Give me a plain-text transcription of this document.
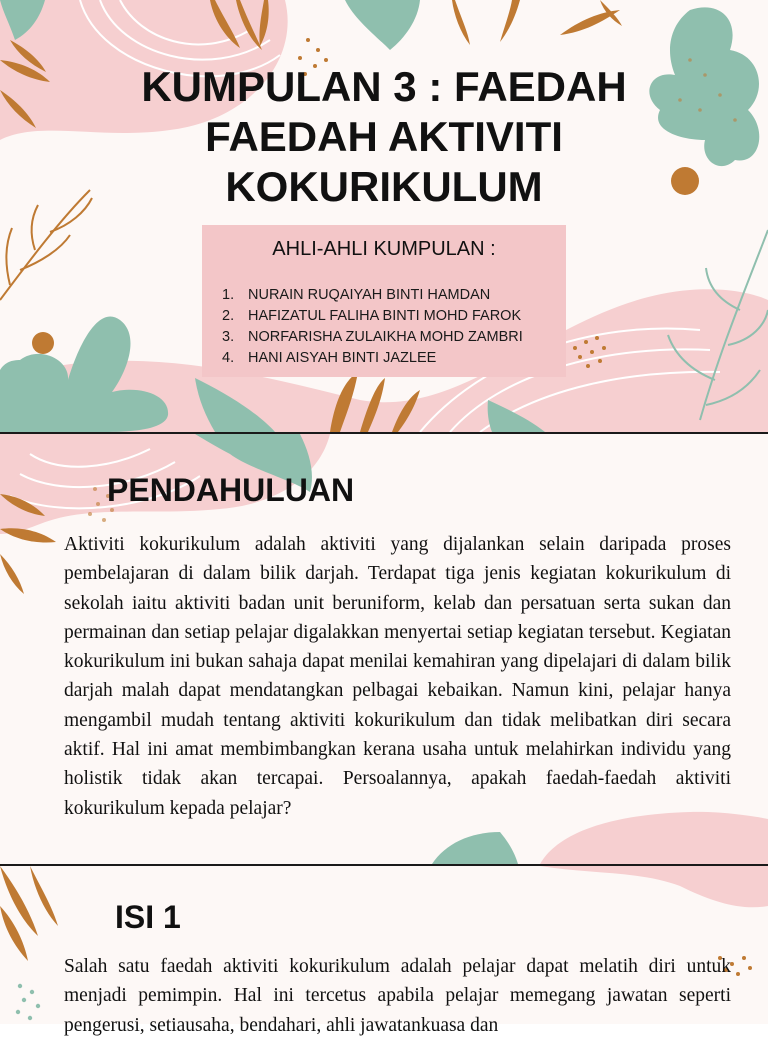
KUMPULAN 3 : FAEDAH
FAEDAH AKTIVITI
KOKURIKULUM
AHLI-AHLI KUMPULAN :
1. NURAIN RUQAIYAH BINTI HAMDAN
2. HAFIZATUL FALIHA BINTI MOHD FAROK
3. NORFARISHA ZULAIKHA MOHD ZAMBRI
4. HANI AISYAH BINTI JAZLEE
PENDAHULUAN

Aktiviti kokurikulum adalah aktiviti yang dijalankan selain daripada proses pembelajaran di dalam bilik darjah. Terdapat tiga jenis kegiatan kokurikulum di sekolah iaitu aktiviti badan unit beruniform, kelab dan persatuan serta sukan dan permainan dan setiap pelajar digalakkan menyertai setiap kegiatan tersebut. Kegiatan kokurikulum ini bukan sahaja dapat menilai kemahiran yang dipelajari di dalam bilik darjah malah dapat mendatangkan pelbagai kebaikan. Namun kini, pelajar hanya mengambil mudah tentang aktiviti kokurikulum dan tidak melibatkan diri secara aktif. Hal ini amat membimbangkan kerana usaha untuk melahirkan individu yang holistik tidak akan tercapai. Persoalannya, apakah faedah-faedah aktiviti kokurikulum kepada pelajar?

ISI 1

Salah satu faedah aktiviti kokurikulum adalah pelajar dapat melatih diri untuk menjadi pemimpin. Hal ini tercetus apabila pelajar memegang jawatan seperti pengerusi, setiausaha, bendahari, ahli jawatankuasa dan
